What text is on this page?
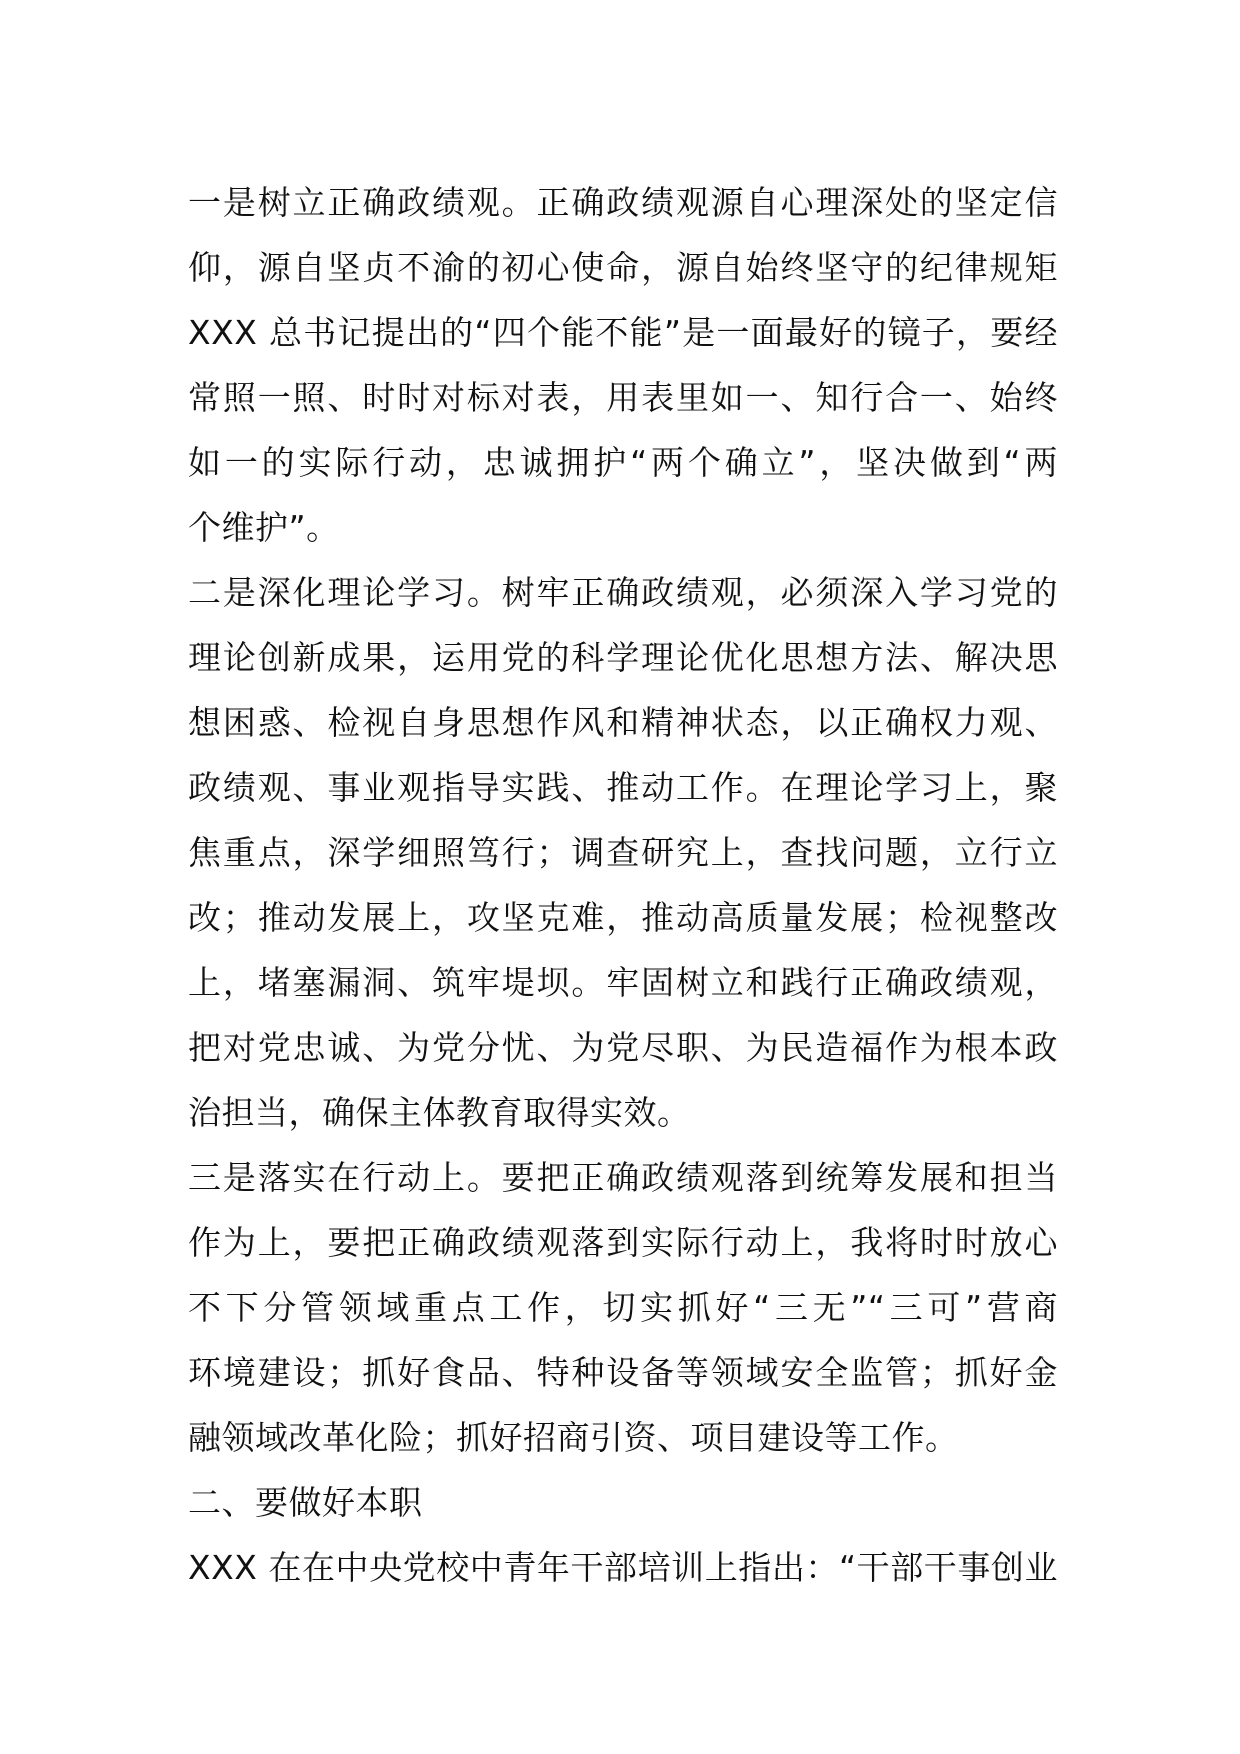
一是树立正确政绩观。正确政绩观源自心理深处的坚定信
仰，源自坚贞不渝的初心使命，源自始终坚守的纪律规矩
XXX 总书记提出的“四个能不能”是一面最好的镜子，要经
常照一照、时时对标对表，用表里如一、知行合一、始终
如一的实际行动，忠诚拥护“两个确立”，坚决做到“两
个维护”。
二是深化理论学习。树牢正确政绩观，必须深入学习党的
理论创新成果，运用党的科学理论优化思想方法、解决思
想困惑、检视自身思想作风和精神状态，以正确权力观、
政绩观、事业观指导实践、推动工作。在理论学习上，聚
焦重点，深学细照笃行；调查研究上，查找问题，立行立
改；推动发展上，攻坚克难，推动高质量发展；检视整改
上，堵塞漏洞、筑牢堤坝。牢固树立和践行正确政绩观，
把对党忠诚、为党分忧、为党尽职、为民造福作为根本政
治担当，确保主体教育取得实效。
三是落实在行动上。要把正确政绩观落到统筹发展和担当
作为上，要把正确政绩观落到实际行动上，我将时时放心
不下分管领域重点工作，切实抓好“三无”“三可”营商
环境建设；抓好食品、特种设备等领域安全监管；抓好金
融领域改革化险；抓好招商引资、项目建设等工作。
二、要做好本职
XXX 在在中央党校中青年干部培训上指出：“干部干事创业
